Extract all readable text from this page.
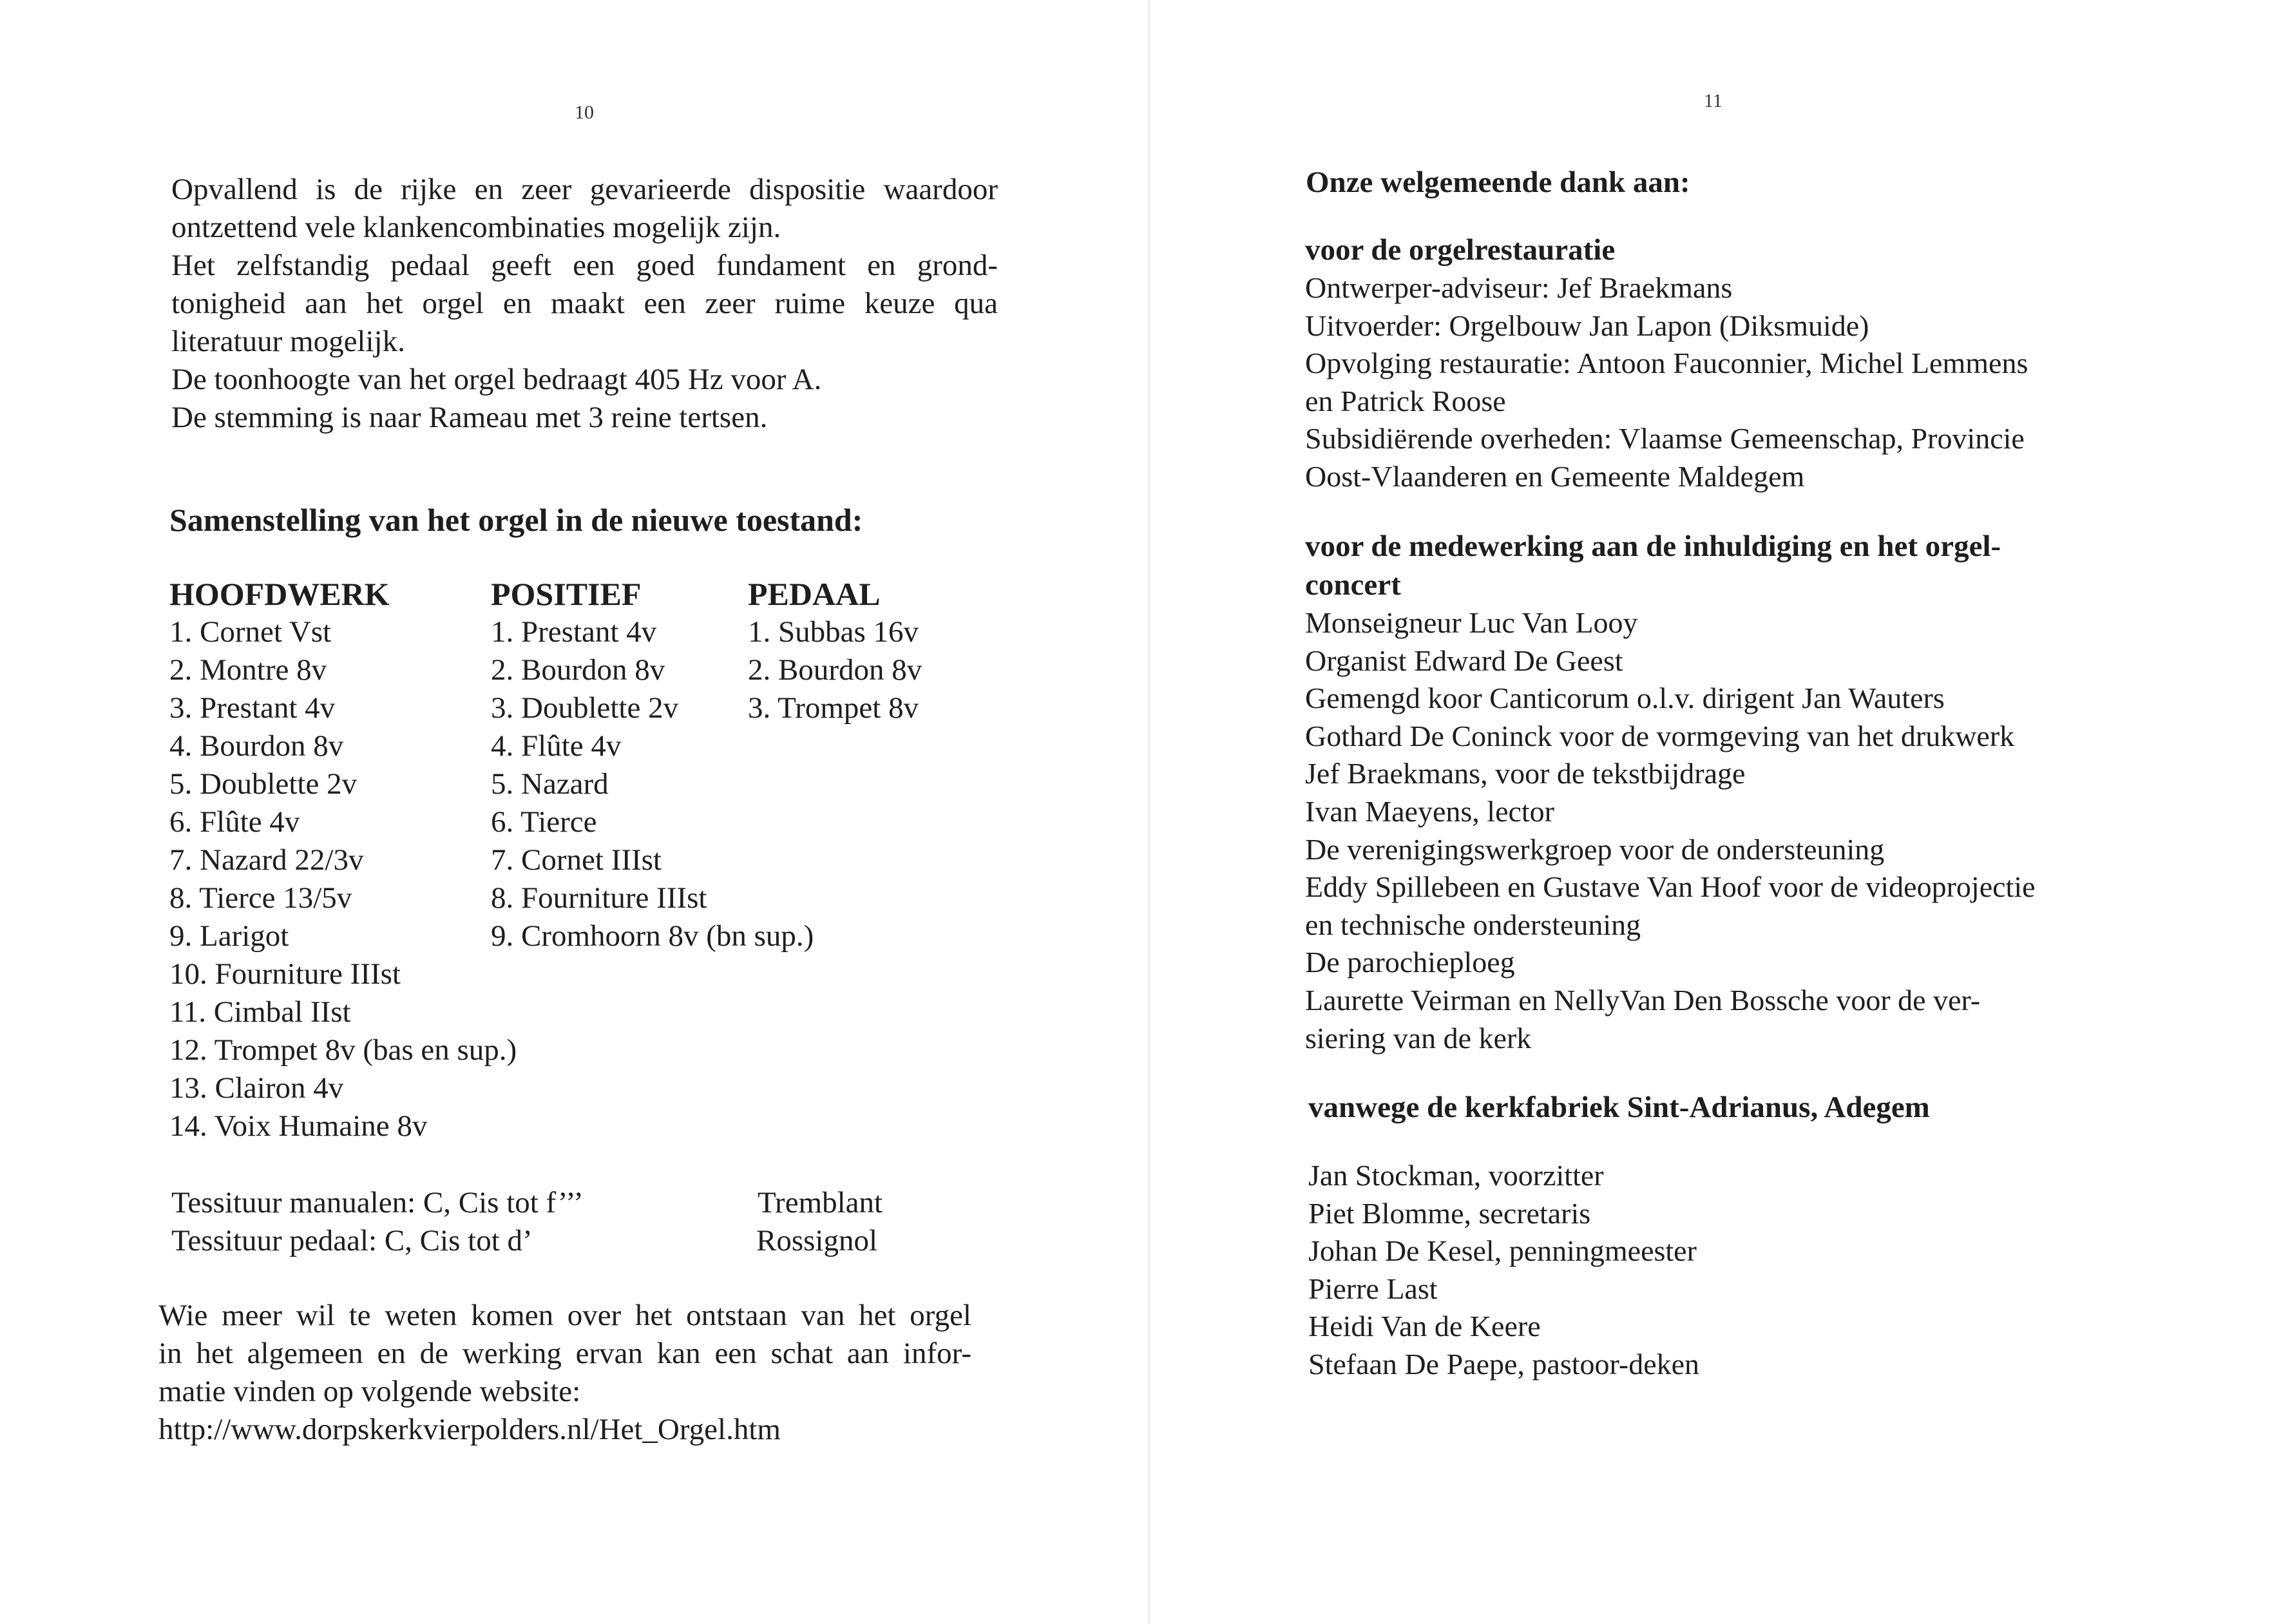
10
Opvallend is de rijke en zeer gevarieerde dispositie waardoor
ontzettend vele klankencombinaties mogelijk zijn.
Het zelfstandig pedaal geeft een goed fundament en grond-
tonigheid aan het orgel en maakt een zeer ruime keuze qua
literatuur mogelijk.
De toonhoogte van het orgel bedraagt 405 Hz voor A.
De stemming is naar Rameau met 3 reine tertsen.
Samenstelling van het orgel in de nieuwe toestand:
HOOFDWERK
1. Cornet Vst
2. Montre 8v
3. Prestant 4v
4. Bourdon 8v
5. Doublette 2v
6. Flûte 4v
7. Nazard 22/3v
8. Tierce 13/5v
9. Larigot
10. Fourniture IIIst
11. Cimbal IIst
12. Trompet 8v (bas en sup.)
13. Clairon 4v
14. Voix Humaine 8v
POSITIEF
1. Prestant 4v
2. Bourdon 8v
3. Doublette 2v
4. Flûte 4v
5. Nazard
6. Tierce
7. Cornet IIIst
8. Fourniture IIIst
9. Cromhoorn 8v (bn sup.)
PEDAAL
1. Subbas 16v
2. Bourdon 8v
3. Trompet 8v
Tessituur manualen: C, Cis tot f’’’
Tessituur pedaal: C, Cis tot d’
Tremblant
Rossignol
Wie meer wil te weten komen over het ontstaan van het orgel
in het algemeen en de werking ervan kan een schat aan infor-
matie vinden op volgende website:
http://www.dorpskerkvierpolders.nl/Het_Orgel.htm
11
Onze welgemeende dank aan:
voor de orgelrestauratie
Ontwerper-adviseur: Jef Braekmans
Uitvoerder: Orgelbouw Jan Lapon (Diksmuide)
Opvolging restauratie: Antoon Fauconnier, Michel Lemmens
en Patrick Roose
Subsidiërende overheden: Vlaamse Gemeenschap, Provincie
Oost-Vlaanderen en Gemeente Maldegem
voor de medewerking aan de inhuldiging en het orgel-
concert
Monseigneur Luc Van Looy
Organist Edward De Geest
Gemengd koor Canticorum o.l.v. dirigent Jan Wauters
Gothard De Coninck voor de vormgeving van het drukwerk
Jef Braekmans, voor de tekstbijdrage
Ivan Maeyens, lector
De verenigingswerkgroep voor de ondersteuning
Eddy Spillebeen en Gustave Van Hoof voor de videoprojectie
en technische ondersteuning
De parochieploeg
Laurette Veirman en NellyVan Den Bossche voor de ver-
siering van de kerk
vanwege de kerkfabriek Sint-Adrianus, Adegem
Jan Stockman, voorzitter
Piet Blomme, secretaris
Johan De Kesel, penningmeester
Pierre Last
Heidi Van de Keere
Stefaan De Paepe, pastoor-deken
